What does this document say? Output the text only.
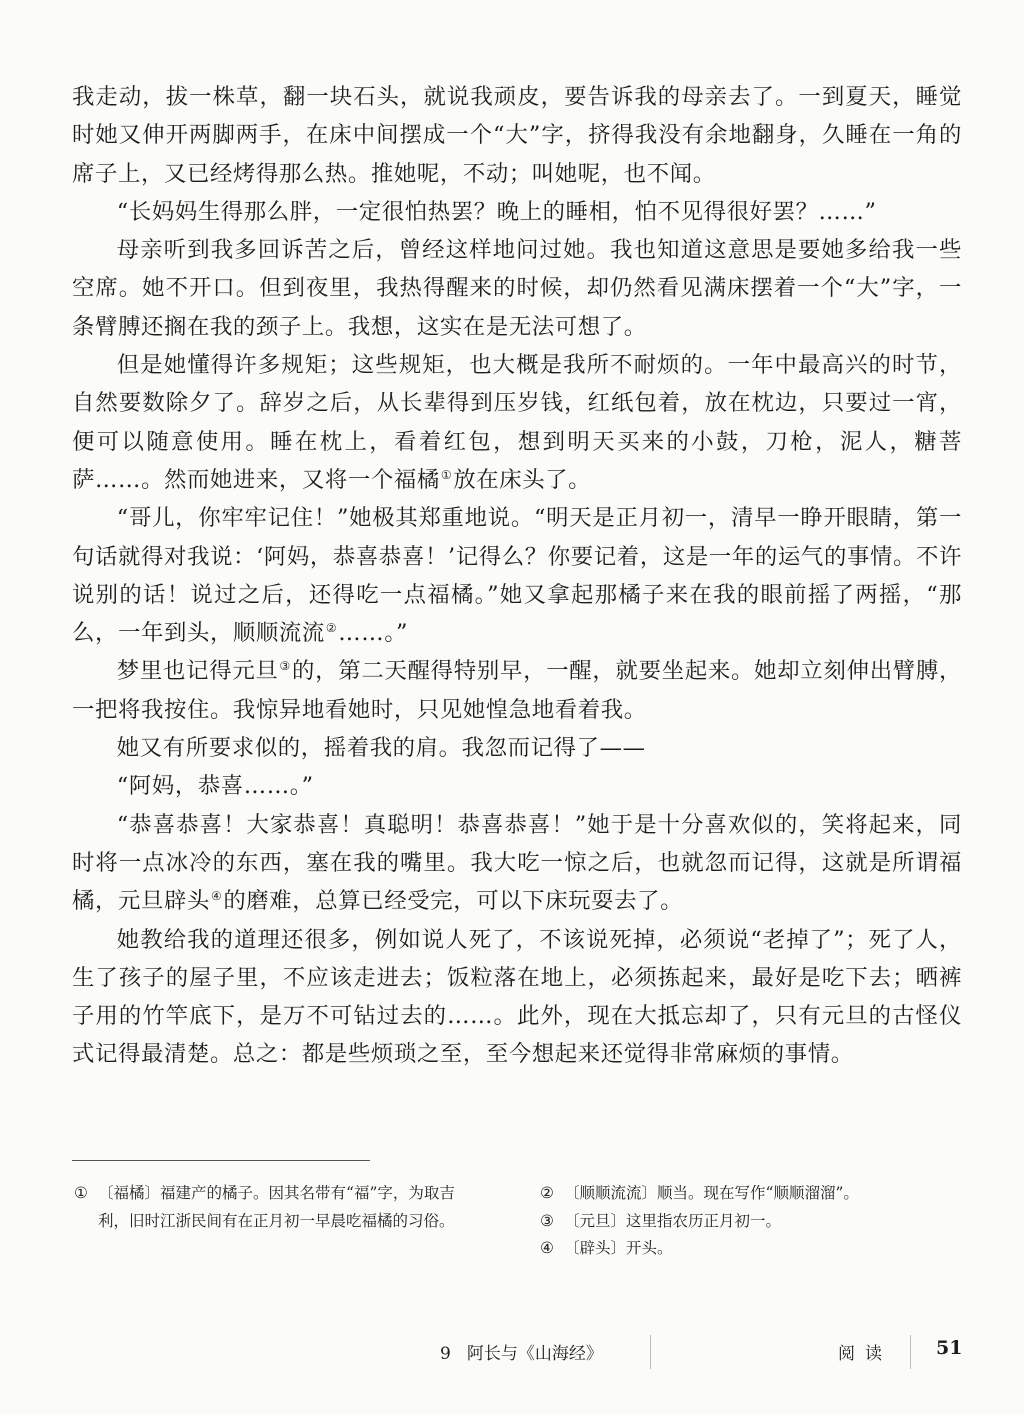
我走动，拔一株草，翻一块石头，就说我顽皮，要告诉我的母亲去了。一到夏天，睡觉时她又伸开两脚两手，在床中间摆成一个“大”字，挤得我没有余地翻身，久睡在一角的席子上，又已经烤得那么热。推她呢，不动；叫她呢，也不闻。

“长妈妈生得那么胖，一定很怕热罢？晚上的睡相，怕不见得很好罢？……”

母亲听到我多回诉苦之后，曾经这样地问过她。我也知道这意思是要她多给我一些空席。她不开口。但到夜里，我热得醒来的时候，却仍然看见满床摆着一个“大”字，一条臂膊还搁在我的颈子上。我想，这实在是无法可想了。

但是她懂得许多规矩；这些规矩，也大概是我所不耐烦的。一年中最高兴的时节，自然要数除夕了。辞岁之后，从长辈得到压岁钱，红纸包着，放在枕边，只要过一宵，便可以随意使用。睡在枕上，看着红包，想到明天买来的小鼓，刀枪，泥人，糖菩萨……。然而她进来，又将一个福橘①放在床头了。

“哥儿，你牢牢记住！”她极其郑重地说。“明天是正月初一，清早一睁开眼睛，第一句话就得对我说：‘阿妈，恭喜恭喜！’记得么？你要记着，这是一年的运气的事情。不许说别的话！说过之后，还得吃一点福橘。”她又拿起那橘子来在我的眼前摇了两摇，“那么，一年到头，顺顺流流②……。”

梦里也记得元旦③的，第二天醒得特别早，一醒，就要坐起来。她却立刻伸出臂膊，一把将我按住。我惊异地看她时，只见她惶急地看着我。

她又有所要求似的，摇着我的肩。我忽而记得了——

“阿妈，恭喜……。”

“恭喜恭喜！大家恭喜！真聪明！恭喜恭喜！”她于是十分喜欢似的，笑将起来，同时将一点冰冷的东西，塞在我的嘴里。我大吃一惊之后，也就忽而记得，这就是所谓福橘，元旦辟头④的磨难，总算已经受完，可以下床玩耍去了。

她教给我的道理还很多，例如说人死了，不该说死掉，必须说“老掉了”；死了人，生了孩子的屋子里，不应该走进去；饭粒落在地上，必须拣起来，最好是吃下去；晒裤子用的竹竿底下，是万不可钻过去的……。此外，现在大抵忘却了，只有元旦的古怪仪式记得最清楚。总之：都是些烦琐之至，至今想起来还觉得非常麻烦的事情。

① 〔福橘〕福建产的橘子。因其名带有“福”字，为取吉利，旧时江浙民间有在正月初一早晨吃福橘的习俗。
② 〔顺顺流流〕顺当。现在写作“顺顺溜溜”。
③ 〔元旦〕这里指农历正月初一。
④ 〔辟头〕开头。
9 阿长与《山海经》	阅读 51
